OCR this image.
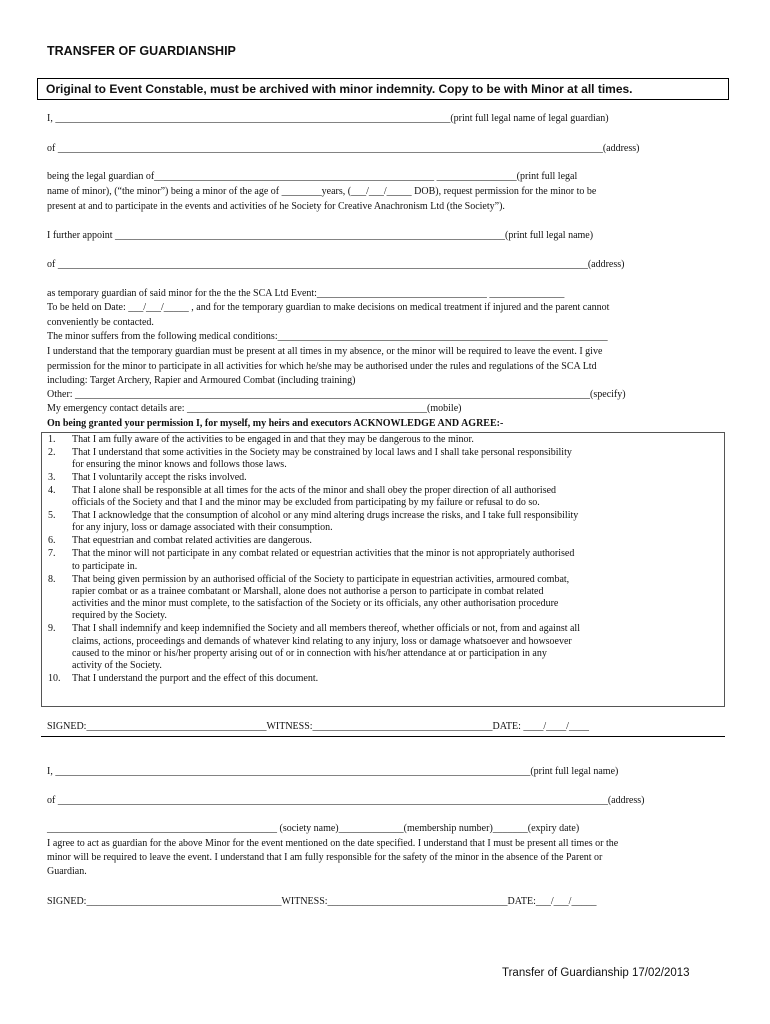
TRANSFER OF GUARDIANSHIP
Original to Event Constable, must be archived with minor indemnity. Copy to be with Minor at all times.
I, _______________________________________________________________________________(print full legal name of legal guardian)
of _____________________________________________________________________________________________________________(address)
being the legal guardian of________________________________________________________ ________________(print full legal
name of minor), (“the minor”) being a minor of the age of ________years, (___/___/_____ DOB), request permission for the minor to be
present at and to participate in the events and activities of he Society for Creative Anachronism Ltd (the Society”).
I further appoint ______________________________________________________________________________(print full legal name)
of __________________________________________________________________________________________________________(address)
as temporary guardian of said minor for the the the SCA Ltd Event:__________________________________ _______________
To be held on Date: ___/___/_____ , and for the temporary guardian to make decisions on medical treatment if injured and the parent cannot
conveniently be contacted.
The minor suffers from the following medical conditions:__________________________________________________________________
I understand that the temporary guardian must be present at all times in my absence, or the minor will be required to leave the event. I give
permission for the minor to participate in all activities for which he/she may be authorised under the rules and regulations of the SCA Ltd
including: Target Archery, Rapier and Armoured Combat (including training)
Other: _______________________________________________________________________________________________________(specify)
My emergency contact details are: ________________________________________________(mobile)
On being granted your permission I, for myself, my heirs and executors ACKNOWLEDGE AND AGREE:-
1.	That I am fully aware of the activities to be engaged in and that they may be dangerous to the minor.
2.	That I understand that some activities in the Society may be constrained by local laws and I shall take personal responsibility
for ensuring the minor knows and follows those laws.
3.	That I voluntarily accept the risks involved.
4.	That I alone shall be responsible at all times for the acts of the minor and shall obey the proper direction of all authorised
officials of the Society and that I and the minor may be excluded from participating by my failure or refusal to do so.
5.	That I acknowledge that the consumption of alcohol or any mind altering drugs increase the risks, and I take full responsibility
for any injury, loss or damage associated with their consumption.
6.	That equestrian and combat related activities are dangerous.
7.	That the minor will not participate in any combat related or equestrian activities that the minor is not appropriately authorised
to participate in.
8.	That being given permission by an authorised official of the Society to participate in equestrian activities, armoured combat,
rapier combat or as a trainee combatant or Marshall, alone does not authorise a person to participate in combat related
activities and the minor must complete, to the satisfaction of the Society or its officials, any other authorisation procedure
required by the Society.
9.	That I shall indemnify and keep indemnified the Society and all members thereof, whether officials or not, from and against all
claims, actions, proceedings and demands of whatever kind relating to any injury, loss or damage whatsoever and howsoever
caused to the minor or his/her property arising out of or in connection with his/her attendance at or participation in any
activity of the Society.
10.	That I understand the purport and the effect of this document.
SIGNED:____________________________________WITNESS:____________________________________DATE: ____/____/____
I, _______________________________________________________________________________________________(print full legal name)
of ______________________________________________________________________________________________________________(address)
______________________________________________ (society name)_____________(membership number)_______(expiry date)
I agree to act as guardian for the above Minor for the event mentioned on the date specified. I understand that I must be present all times or the
minor will be required to leave the event. I understand that I am fully responsible for the safety of the minor in the absence of the Parent or
Guardian.
SIGNED:_______________________________________WITNESS:____________________________________DATE:___/___/_____
Transfer of Guardianship 17/02/2013
